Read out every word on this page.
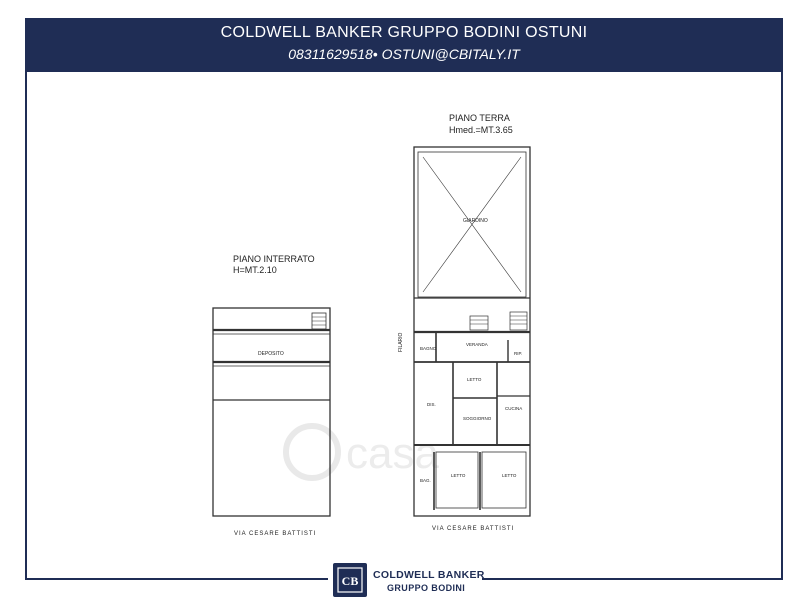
COLDWELL BANKER GRUPPO BODINI OSTUNI
08311629518• OSTUNI@CBITALY.IT
casa
PIANO INTERRATO
H=MT.2.10
DEPOSITO
VIA CESARE BATTISTI
PIANO TERRA
Hmed.=MT.3.65
GIARDINO
FILARIO	BAGNO
VERANDA
RIP.
LETTO
DIS.
SOGGIORNO
CUCINA
BAG.
LETTO	LETTO
VIA CESARE BATTISTI
CB COLDWELL BANKER
GRUPPO BODINI
